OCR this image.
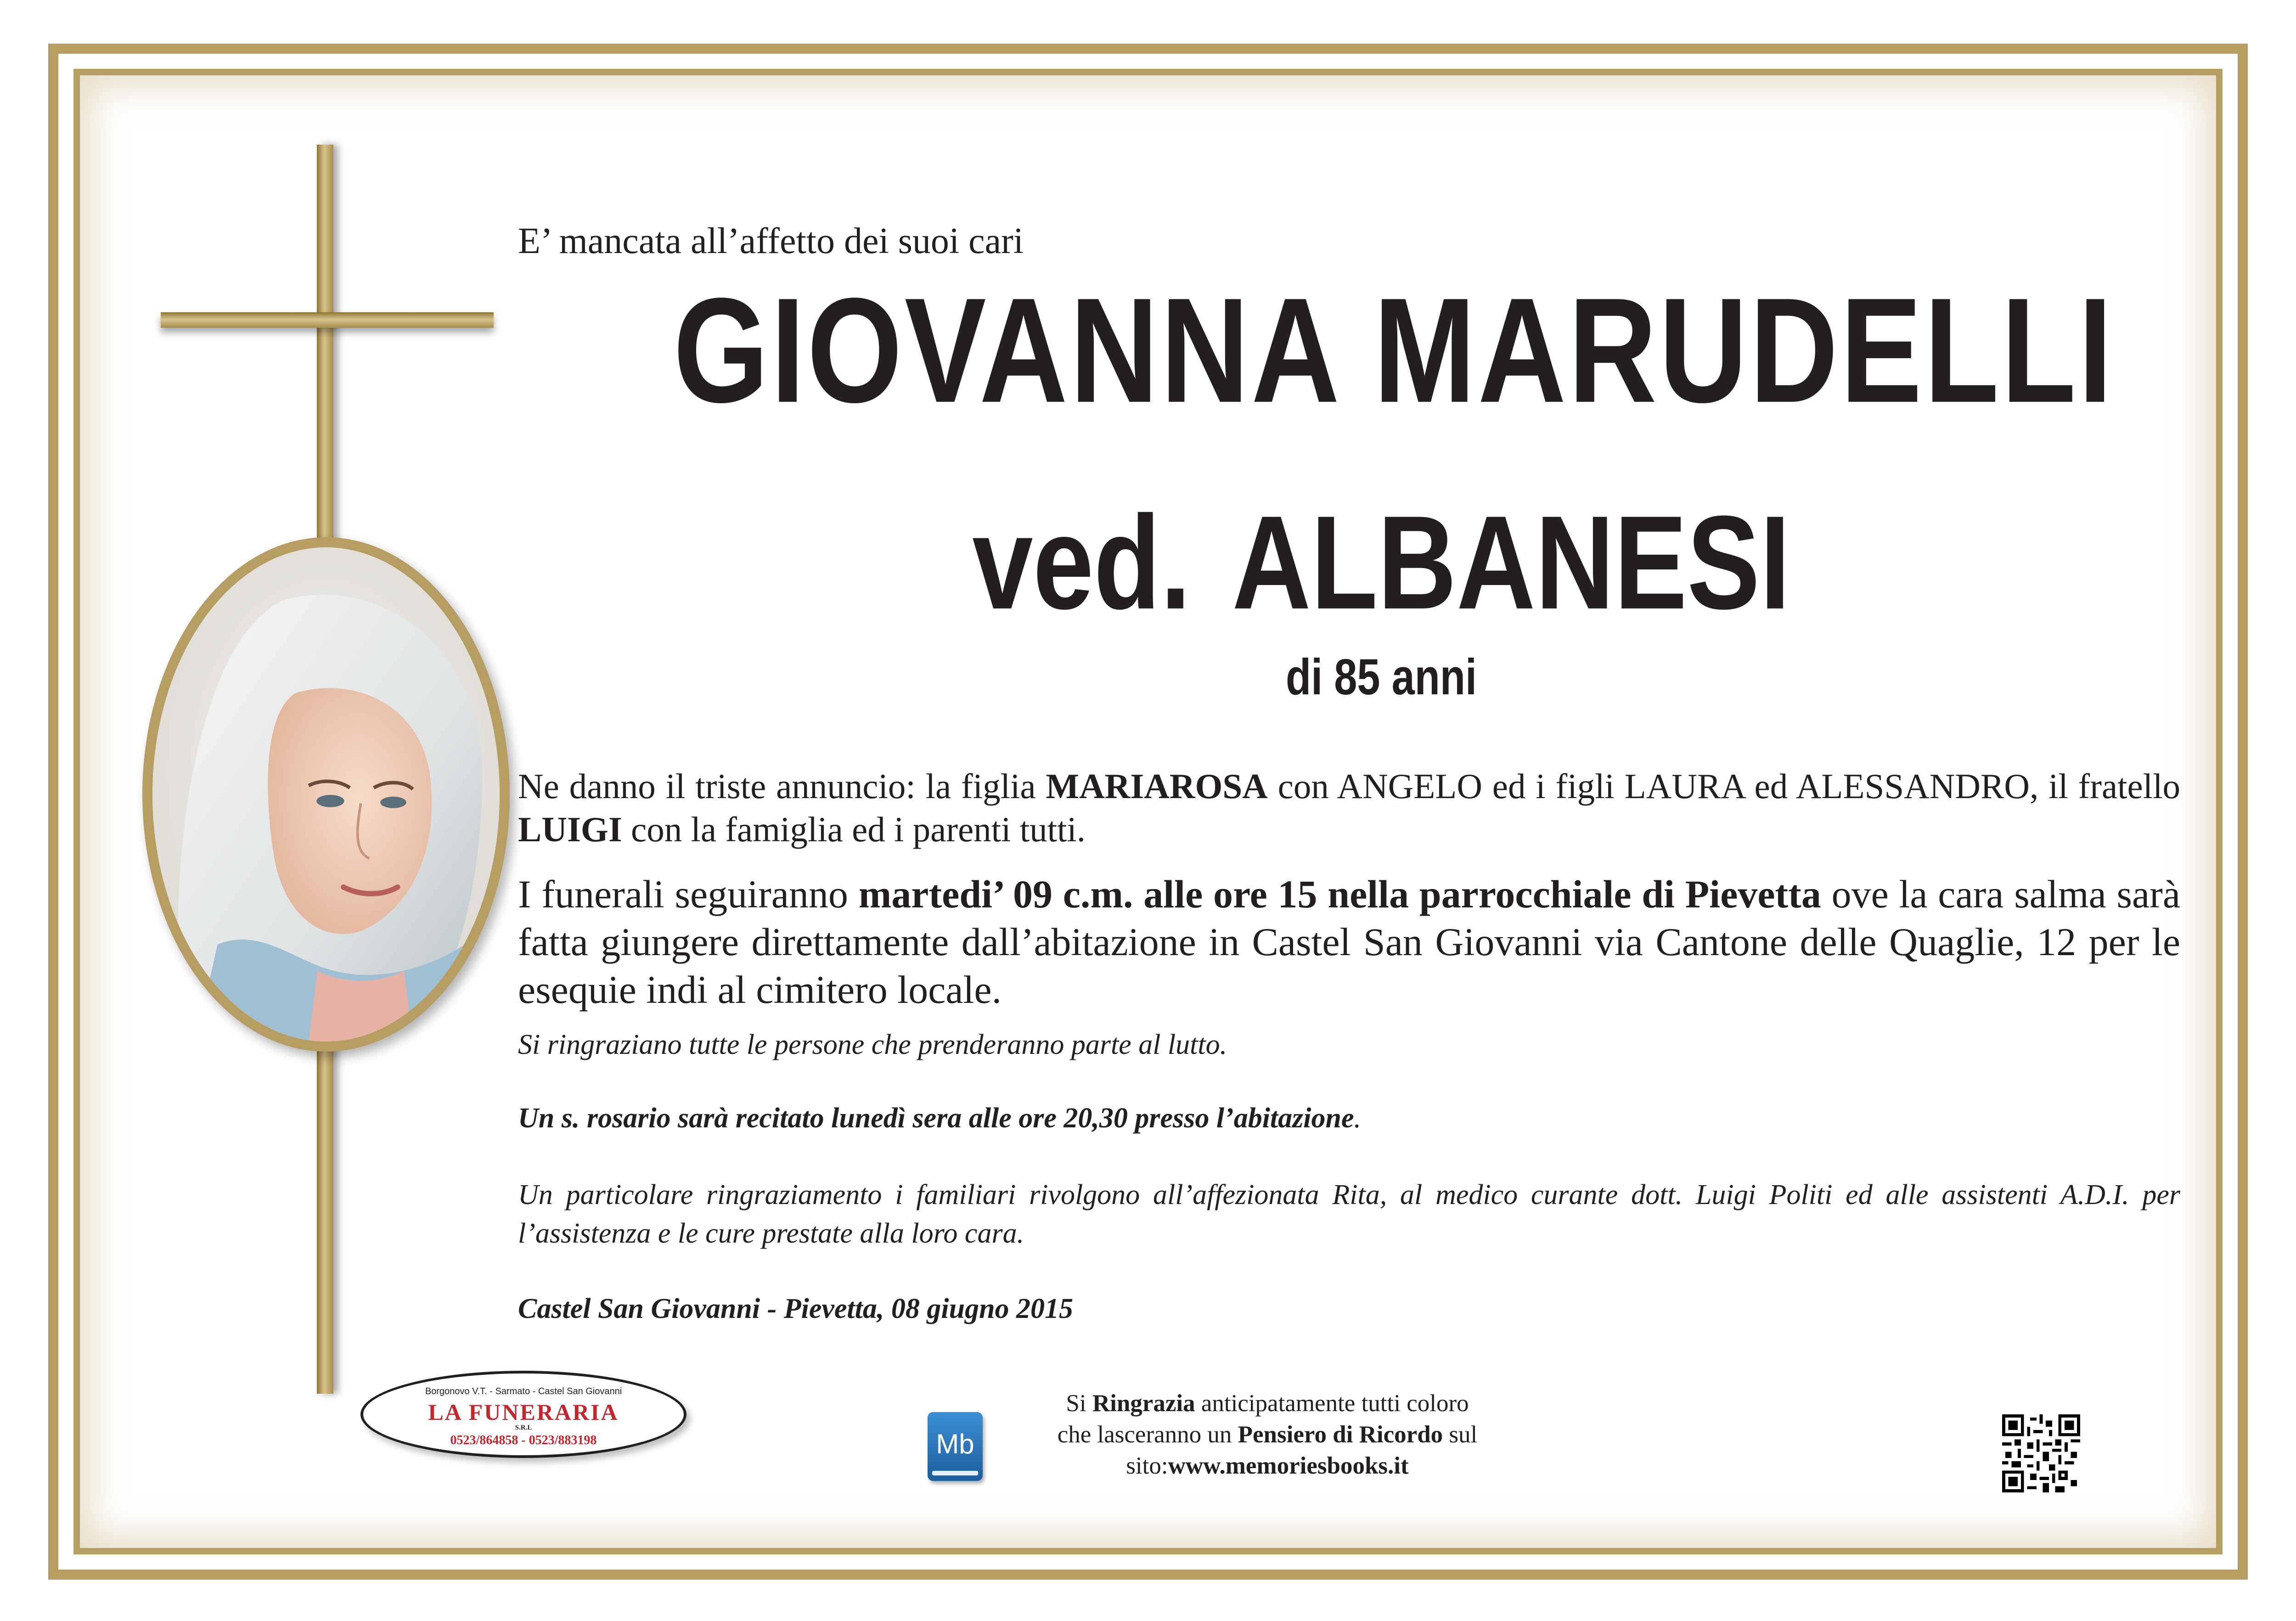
E’ mancata all’affetto dei suoi cari

GIOVANNA MARUDELLI

ved. ALBANESI

di 85 anni

Ne danno il triste annuncio: la figlia MARIAROSA con ANGELO ed i figli LAURA ed ALESSANDRO, il fratello LUIGI con la famiglia ed i parenti tutti.

I funerali seguiranno martedi’ 09 c.m. alle ore 15 nella parrocchiale di Pievetta ove la cara salma sarà fatta giungere direttamente dall’abitazione in Castel San Giovanni via Cantone delle Quaglie, 12 per le esequie indi al cimitero locale.

Si ringraziano tutte le persone che prenderanno parte al lutto.

Un s. rosario sarà recitato lunedì sera alle ore 20,30 presso l’abitazione.

Un particolare ringraziamento i familiari rivolgono all’affezionata Rita, al medico curante dott. Luigi Politi ed alle assistenti A.D.I. per l’assistenza e le cure prestate alla loro cara.

Castel San Giovanni - Pievetta, 08 giugno 2015

Borgonovo V.T. - Sarmato - Castel San Giovanni
LA FUNERARIA
S.R.L
0523/864858 - 0523/883198	Mb

Si Ringrazia anticipatamente tutti coloro
che lasceranno un Pensiero di Ricordo sul
sito:www.memoriesbooks.it
